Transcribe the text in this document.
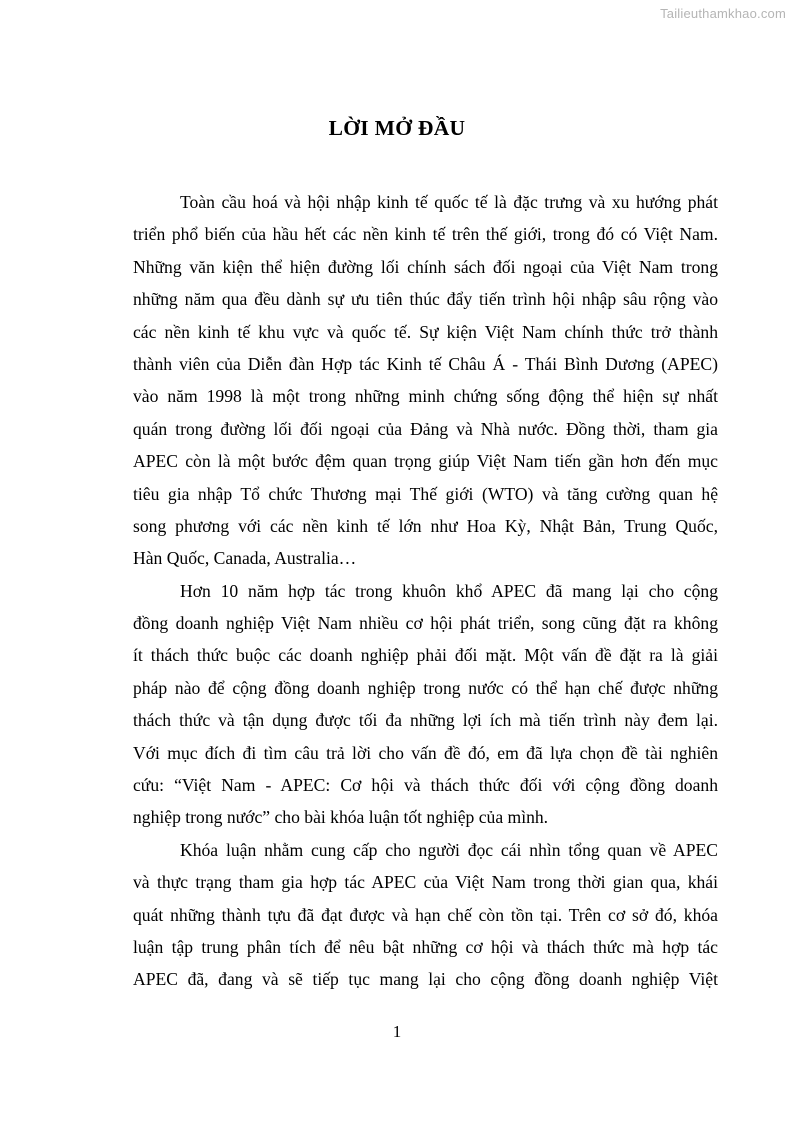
Tailieuthamkhao.com
LỜI MỞ ĐẦU
Toàn cầu hoá và hội nhập kinh tế quốc tế là đặc trưng và xu hướng phát
triển phổ biến của hầu hết các nền kinh tế trên thế giới, trong đó có Việt Nam.
Những văn kiện thể hiện đường lối chính sách đối ngoại của Việt Nam trong
những năm qua đều dành sự ưu tiên thúc đẩy tiến trình hội nhập sâu rộng vào
các nền kinh tế khu vực và quốc tế. Sự kiện Việt Nam chính thức trở thành
thành viên của Diễn đàn Hợp tác Kinh tế Châu Á - Thái Bình Dương (APEC)
vào năm 1998 là một trong những minh chứng sống động thể hiện sự nhất
quán trong đường lối đối ngoại của Đảng và Nhà nước. Đồng thời, tham gia
APEC còn là một bước đệm quan trọng giúp Việt Nam tiến gần hơn đến mục
tiêu gia nhập Tổ chức Thương mại Thế giới (WTO) và tăng cường quan hệ
song phương với các nền kinh tế lớn như Hoa Kỳ, Nhật Bản, Trung Quốc,
Hàn Quốc, Canada, Australia…
Hơn 10 năm hợp tác trong khuôn khổ APEC đã mang lại cho cộng
đồng doanh nghiệp Việt Nam nhiều cơ hội phát triển, song cũng đặt ra không
ít thách thức buộc các doanh nghiệp phải đối mặt. Một vấn đề đặt ra là giải
pháp nào để cộng đồng doanh nghiệp trong nước có thể hạn chế được những
thách thức và tận dụng được tối đa những lợi ích mà tiến trình này đem lại.
Với mục đích đi tìm câu trả lời cho vấn đề đó, em đã lựa chọn đề tài nghiên
cứu: “Việt Nam - APEC: Cơ hội và thách thức đối với cộng đồng doanh
nghiệp trong nước” cho bài khóa luận tốt nghiệp của mình.
Khóa luận nhằm cung cấp cho người đọc cái nhìn tổng quan về APEC
và thực trạng tham gia hợp tác APEC của Việt Nam trong thời gian qua, khái
quát những thành tựu đã đạt được và hạn chế còn tồn tại. Trên cơ sở đó, khóa
luận tập trung phân tích để nêu bật những cơ hội và thách thức mà hợp tác
APEC đã, đang và sẽ tiếp tục mang lại cho cộng đồng doanh nghiệp Việt
1
